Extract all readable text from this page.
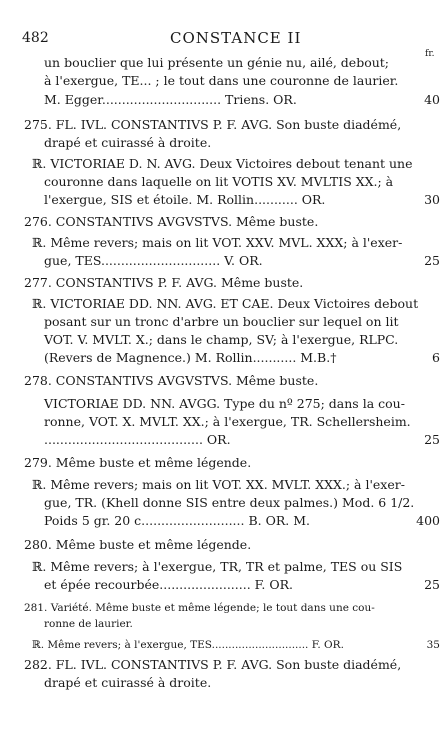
482	CONSTANCE II
fr.
un bouclier que lui présente un génie nu, ailé, debout;
à l'exergue, TE... ; le tout dans une couronne de laurier.
M. Egger.............................. Triens. OR.	40
275. FL. IVL. CONSTANTIVS P. F. AVG. Son buste diadémé,
drapé et cuirassé à droite.
ℝ. VICTORIAE D. N. AVG. Deux Victoires debout tenant une
couronne dans laquelle on lit VOTIS XV. MVLTIS XX.; à
l'exergue, SIS et étoile. M. Rollin........... OR.	30
276. CONSTANTIVS AVGVSTVS. Même buste.
ℝ. Même revers; mais on lit VOT. XXV. MVL. XXX; à l'exer-
gue, TES.............................. V. OR.	25
277. CONSTANTIVS P. F. AVG. Même buste.
ℝ. VICTORIAE DD. NN. AVG. ET CAE. Deux Victoires debout
posant sur un tronc d'arbre un bouclier sur lequel on lit
VOT. V. MVLT. X.; dans le champ, SV; à l'exergue, RLPC.
(Revers de Magnence.) M. Rollin........... M.B.†	6
278. CONSTANTIVS AVGVSTVS. Même buste.
VICTORIAE DD. NN. AVGG. Type du nº 275; dans la cou-
ronne, VOT. X. MVLT. XX.; à l'exergue, TR. Schellersheim.
........................................ OR.	25
279. Même buste et même légende.
ℝ. Même revers; mais on lit VOT. XX. MVLT. XXX.; à l'exer-
gue, TR. (Khell donne SIS entre deux palmes.) Mod. 6 1/2.
Poids 5 gr. 20 c.......................... B. OR. M.	400
280. Même buste et même légende.
ℝ. Même revers; à l'exergue, TR, TR et palme, TES ou SIS
et épée recourbée....................... F. OR.	25
281. Variété. Même buste et même légende; le tout dans une cou-
ronne de laurier.
ℝ. Même revers; à l'exergue, TES............................. F. OR.	35
282. FL. IVL. CONSTANTIVS P. F. AVG. Son buste diadémé,
drapé et cuirassé à droite.
